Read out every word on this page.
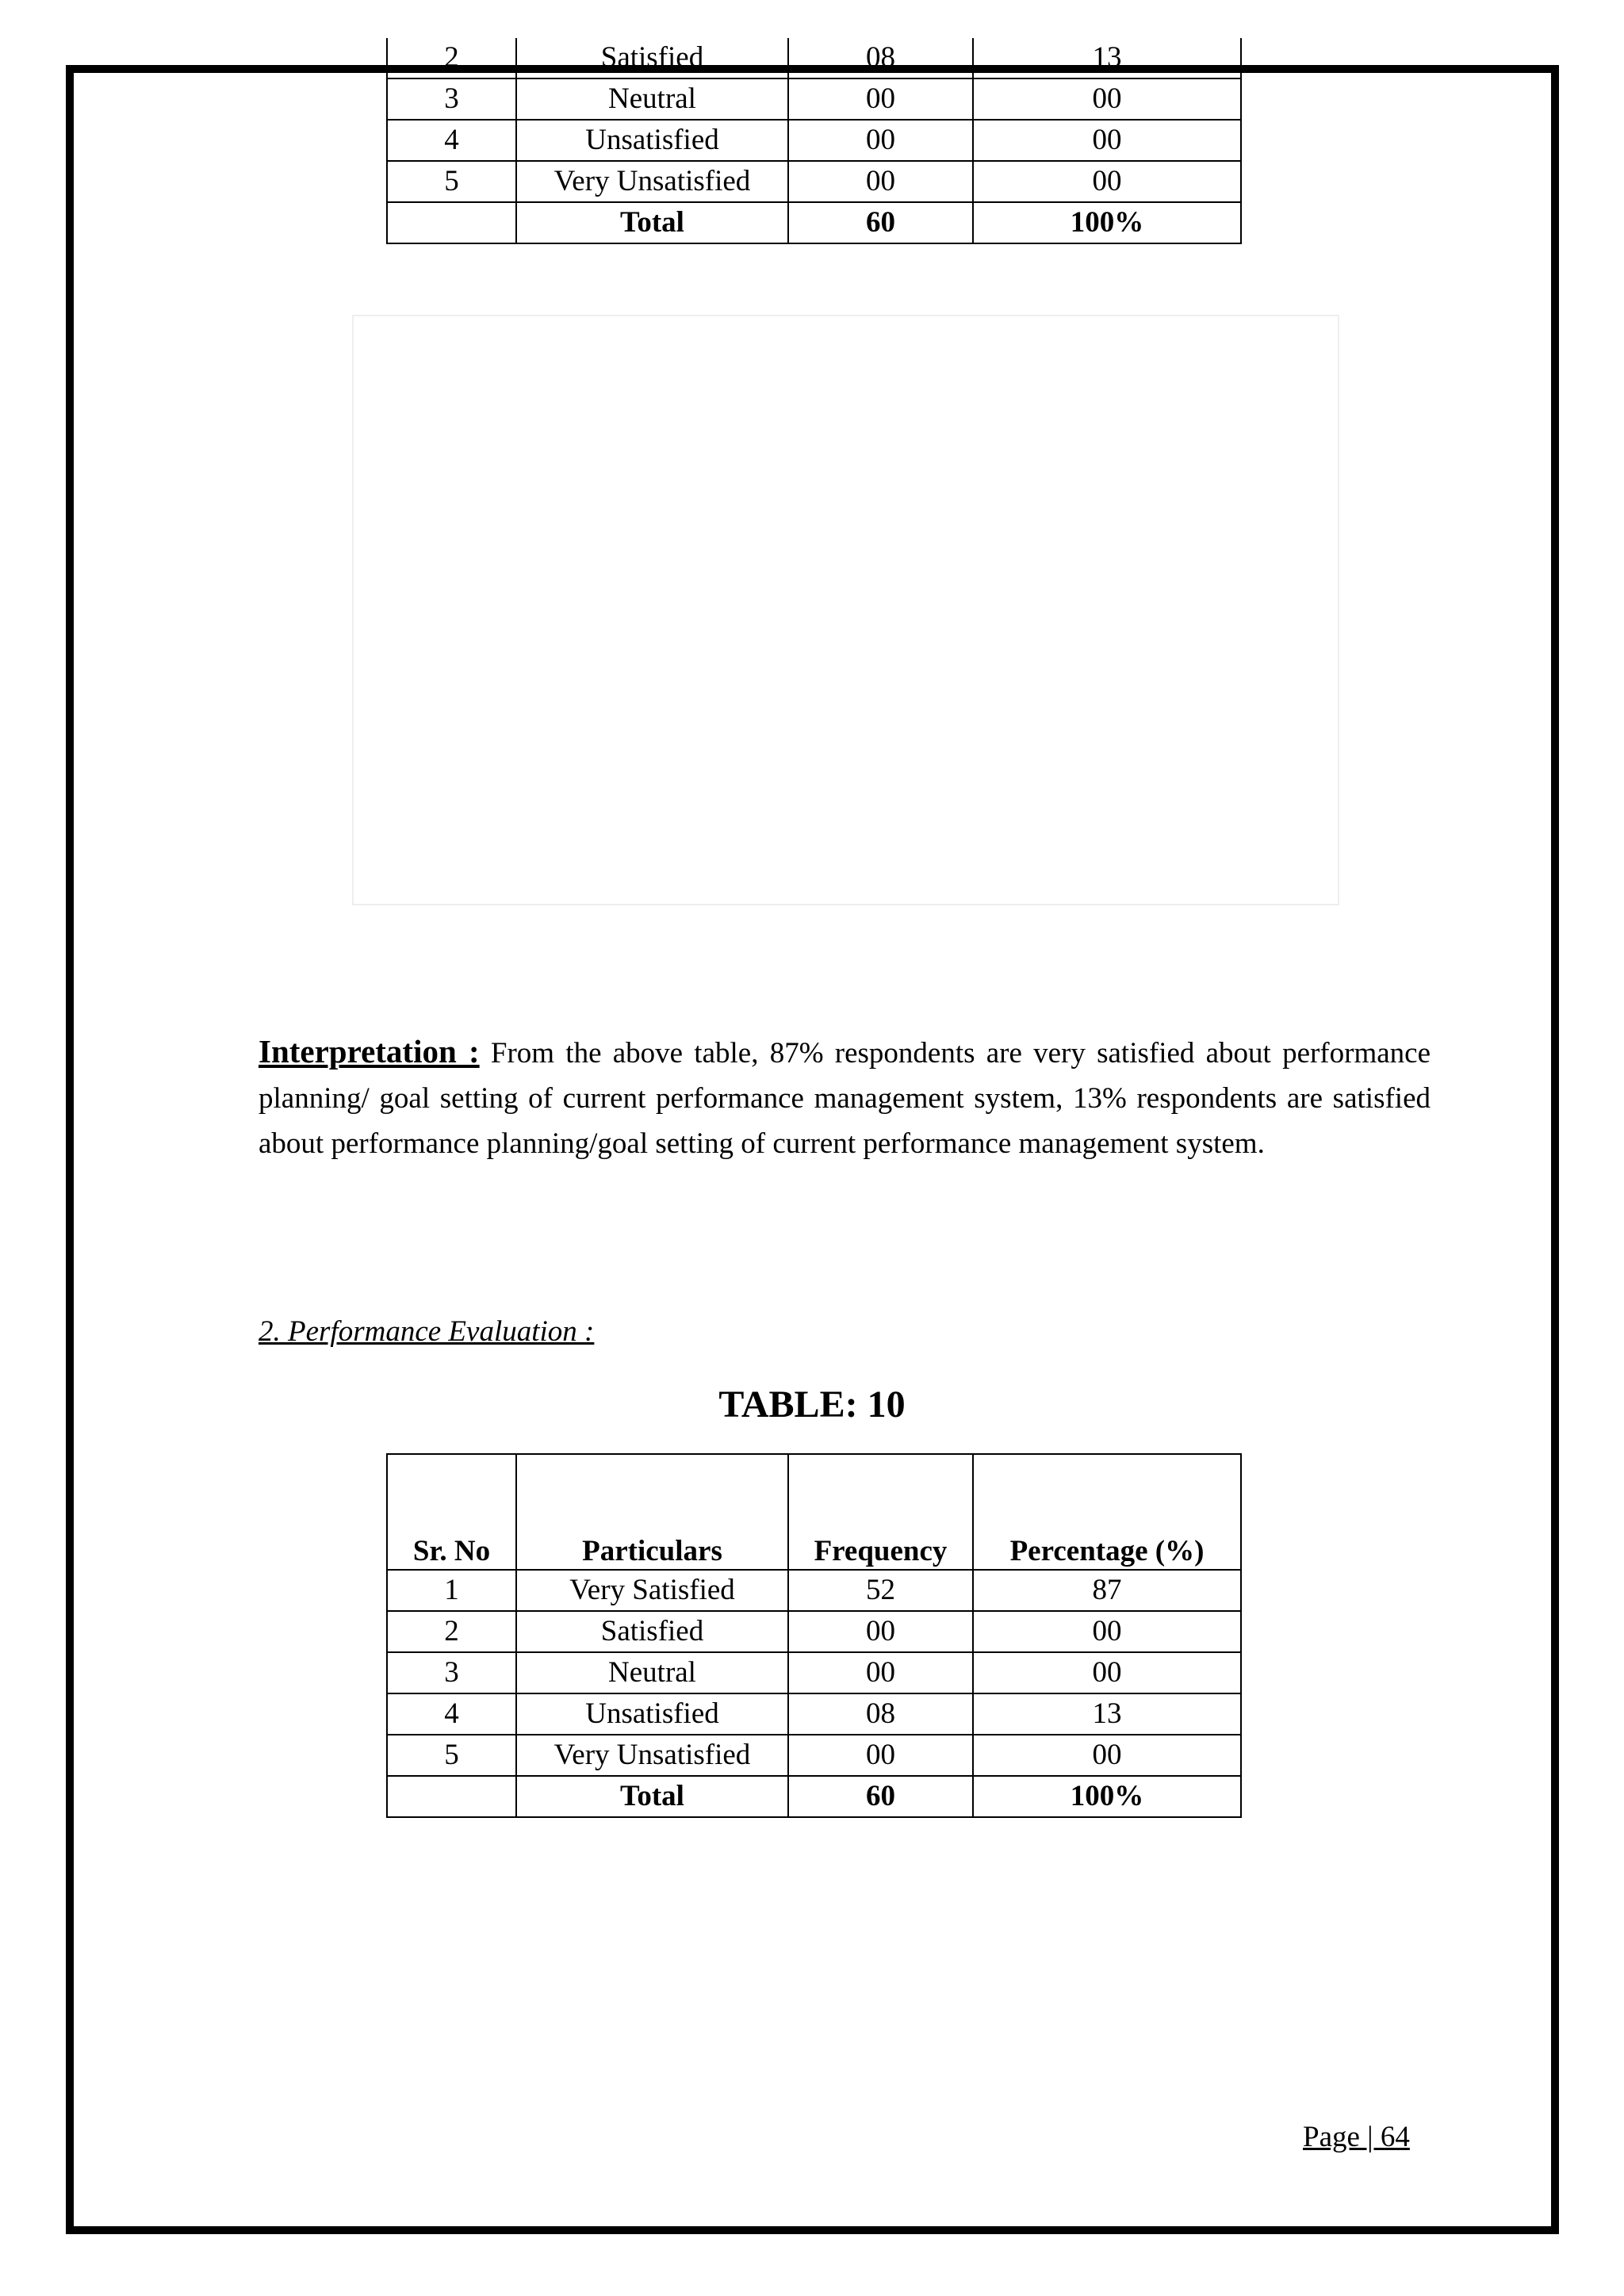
2	Satisfied	08	13
3	Neutral	00	00
4	Unsatisfied	00	00
5	Very Unsatisfied	00	00
	Total	60	100%
Interpretation : From the above table, 87% respondents are very satisfied about performance planning/ goal setting of current performance management system, 13% respondents are satisfied about performance planning/goal setting of current performance management system.
2. Performance Evaluation :
TABLE: 10
Sr. No	Particulars	Frequency	Percentage (%)
1	Very Satisfied	52	87
2	Satisfied	00	00
3	Neutral	00	00
4	Unsatisfied	08	13
5	Very Unsatisfied	00	00
	Total	60	100%
Page | 64
